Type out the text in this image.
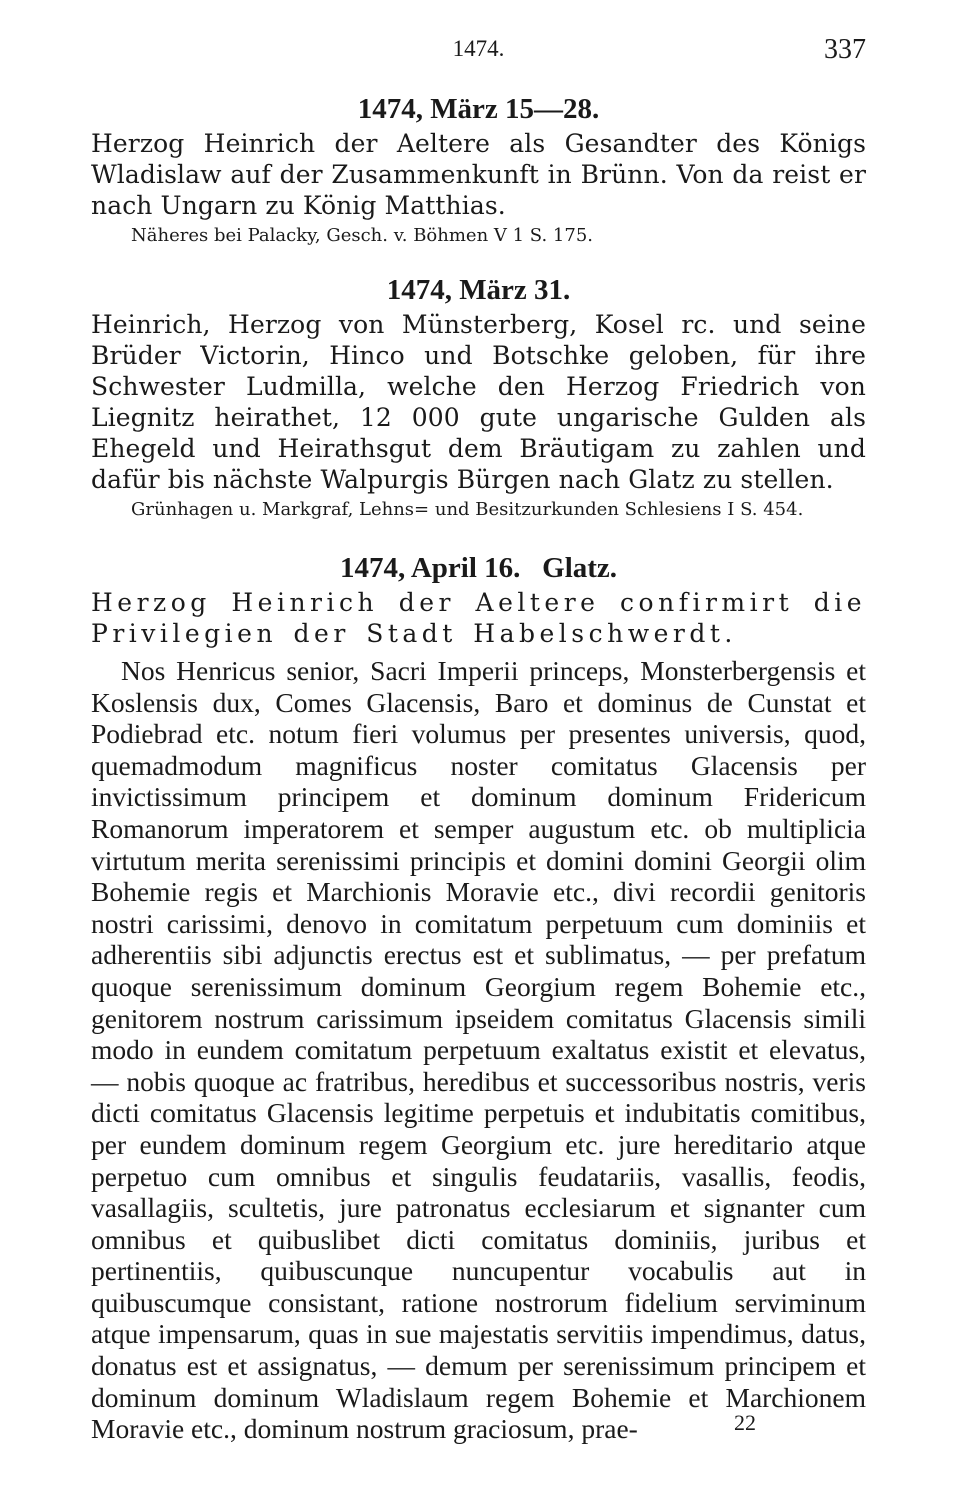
1474.	337
1474, März 15—28.

Herzog Heinrich der Aeltere als Gesandter des Königs Wladislaw auf der Zusammenkunft in Brünn. Von da reist er nach Ungarn zu König Matthias.

Näheres bei Palacky, Gesch. v. Böhmen V 1 S. 175.

1474, März 31.

Heinrich, Herzog von Münsterberg, Kosel rc. und seine Brüder Victorin, Hinco und Botschke geloben, für ihre Schwester Ludmilla, welche den Herzog Friedrich von Liegnitz heirathet, 12 000 gute ungarische Gulden als Ehegeld und Heirathsgut dem Bräutigam zu zahlen und dafür bis nächste Walpurgis Bürgen nach Glatz zu stellen.

Grünhagen u. Markgraf, Lehns= und Besitzurkunden Schlesiens I S. 454.

1474, April 16.   Glatz.

Herzog Heinrich der Aeltere confirmirt die Privilegien der Stadt Habelschwerdt.

Nos Henricus senior, Sacri Imperii princeps, Monsterbergensis et Koslensis dux, Comes Glacensis, Baro et dominus de Cunstat et Podiebrad etc. notum fieri volumus per presentes universis, quod, quemadmodum magnificus noster comitatus Glacensis per invictissimum principem et dominum dominum Fridericum Romanorum imperatorem et semper augustum etc. ob multiplicia virtutum merita serenissimi principis et domini domini Georgii olim Bohemie regis et Marchionis Moravie etc., divi recordii genitoris nostri carissimi, denovo in comitatum perpetuum cum dominiis et adherentiis sibi adjunctis erectus est et sublimatus, — per prefatum quoque serenissimum dominum Georgium regem Bohemie etc., genitorem nostrum carissimum ipseidem comitatus Glacensis simili modo in eundem comitatum perpetuum exaltatus existit et elevatus, — nobis quoque ac fratribus, heredibus et successoribus nostris, veris dicti comitatus Glacensis legitime perpetuis et indubitatis comitibus, per eundem dominum regem Georgium etc. jure hereditario atque perpetuo cum omnibus et singulis feudatariis, vasallis, feodis, vasallagiis, scultetis, jure patronatus ecclesiarum et signanter cum omnibus et quibuslibet dicti comitatus dominiis, juribus et pertinentiis, quibuscunque nuncupentur vocabulis aut in quibuscumque consistant, ratione nostrorum fidelium serviminum atque impensarum, quas in sue majestatis servitiis impendimus, datus, donatus est et assignatus, — demum per serenissimum principem et dominum dominum Wladislaum regem Bohemie et Marchionem Moravie etc., dominum nostrum graciosum, prae-	22
